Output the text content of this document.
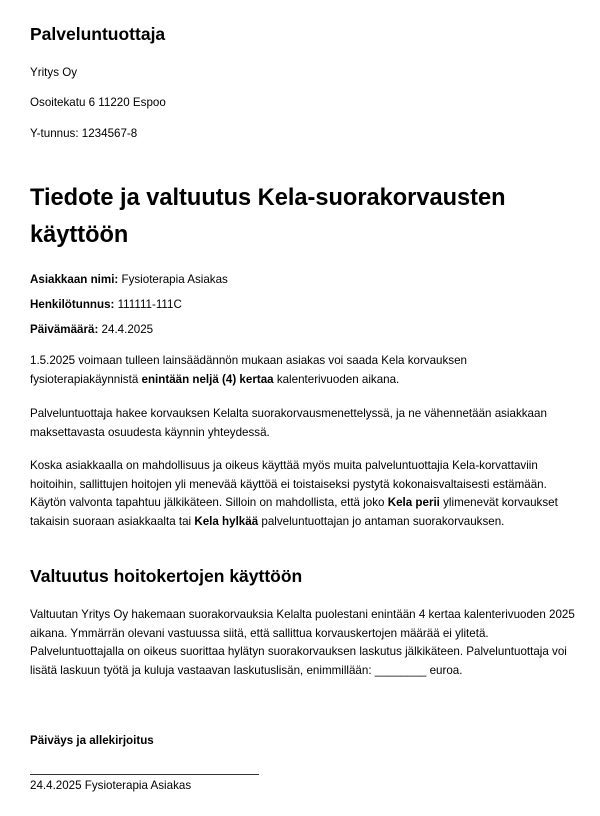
Palveluntuottaja

Yritys Oy

Osoitekatu 6 11220 Espoo

Y-tunnus: 1234567-8

Tiedote ja valtuutus Kela-suorakorvausten käyttöön

Asiakkaan nimi: Fysioterapia Asiakas

Henkilötunnus: 111111-111C

Päivämäärä: 24.4.2025

1.5.2025 voimaan tulleen lainsäädännön mukaan asiakas voi saada Kela korvauksen fysioterapiakäynnistä enintään neljä (4) kertaa kalenterivuoden aikana.

Palveluntuottaja hakee korvauksen Kelalta suorakorvausmenettelyssä, ja ne vähennetään asiakkaan maksettavasta osuudesta käynnin yhteydessä.

Koska asiakkaalla on mahdollisuus ja oikeus käyttää myös muita palveluntuottajia Kela-korvattaviin hoitoihin, sallittujen hoitojen yli menevää käyttöä ei toistaiseksi pystytä kokonaisvaltaisesti estämään. Käytön valvonta tapahtuu jälkikäteen. Silloin on mahdollista, että joko Kela perii ylimenevät korvaukset takaisin suoraan asiakkaalta tai Kela hylkää palveluntuottajan jo antaman suorakorvauksen.

Valtuutus hoitokertojen käyttöön

Valtuutan Yritys Oy hakemaan suorakorvauksia Kelalta puolestani enintään 4 kertaa kalenterivuoden 2025 aikana. Ymmärrän olevani vastuussa siitä, että sallittua korvauskertojen määrää ei ylitetä. Palveluntuottajalla on oikeus suorittaa hylätyn suorakorvauksen laskutus jälkikäteen. Palveluntuottaja voi lisätä laskuun työtä ja kuluja vastaavan laskutuslisän, enimmillään: ________ euroa.

Päiväys ja allekirjoitus

24.4.2025 Fysioterapia Asiakas
